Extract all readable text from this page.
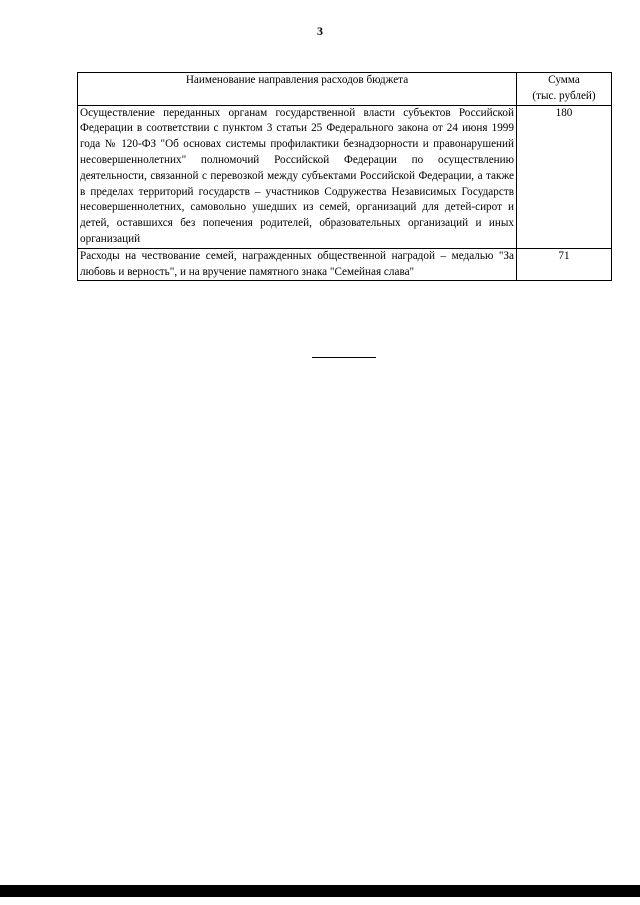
3
Наименование направления расходов бюджета	Сумма
(тыс. рублей)

Осуществление переданных органам государственной власти субъектов Российской Федерации в соответствии с пунктом 3 статьи 25 Федерального закона от 24 июня 1999 года № 120-ФЗ "Об основах системы профилактики безнадзорности и правонарушений несовершеннолетних" полномочий Российской Федерации по осуществлению деятельности, связанной с перевозкой между субъектами Российской Федерации, а также в пределах территорий государств – участников Содружества Независимых Государств несовершеннолетних, самовольно ушедших из семей, организаций для детей-сирот и детей, оставшихся без попечения родителей, образовательных организаций и иных организаций	180
Расходы на чествование семей, награжденных общественной наградой – медалью "За любовь и верность", и на вручение памятного знака "Семейная слава"	71
